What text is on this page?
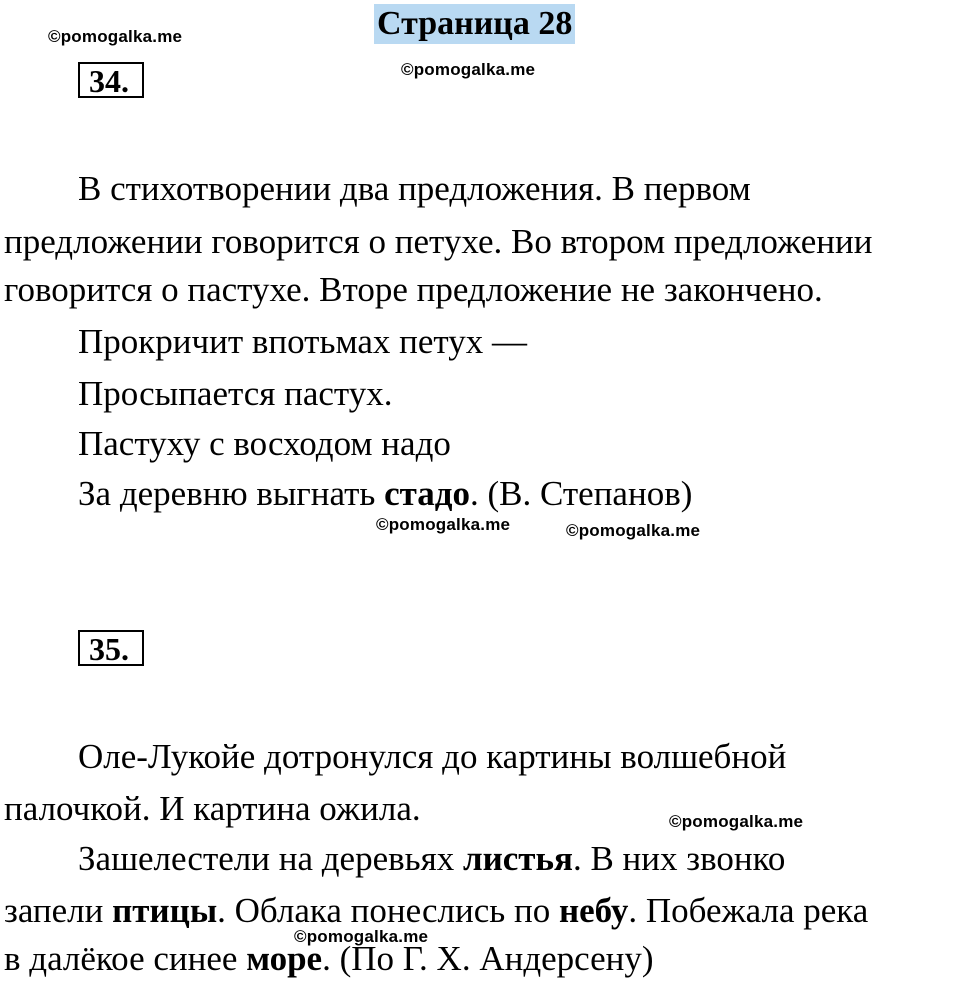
©pomogalka.me
©pomogalka.me
©pomogalka.me	©pomogalka.me
©pomogalka.me
©pomogalka.me
Страница 28
34.
В стихотворении два предложения. В первом
предложении говорится о петухе. Во втором предложении
говорится о пастухе. Вторе предложение не закончено.
Прокричит впотьмах петух —
Просыпается пастух.
Пастуху с восходом надо
За деревню выгнать стадо. (В. Степанов)
35.
Оле-Лукойе дотронулся до картины волшебной
палочкой. И картина ожила.
Зашелестели на деревьях листья. В них звонко
запели птицы. Облака понеслись по небу. Побежала река
в далёкое синее море. (По Г. Х. Андерсену)
